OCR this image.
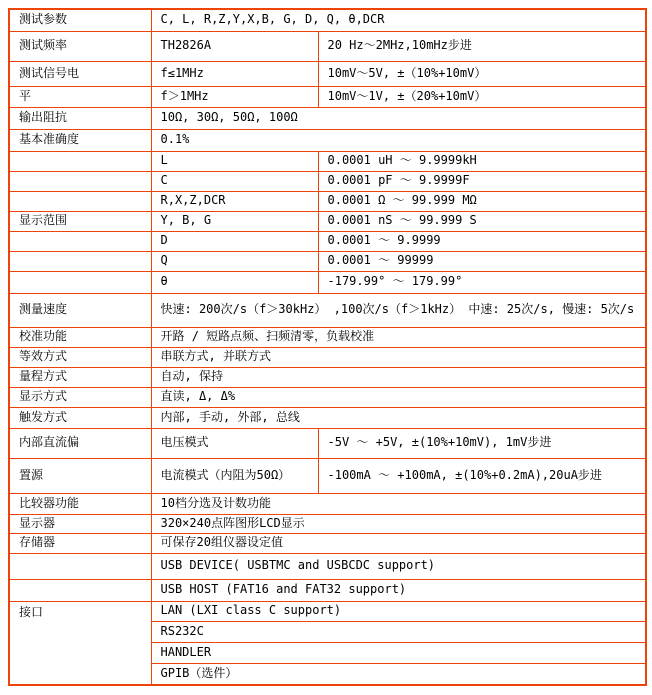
测试参数	C, L, R,Z,Y,X,B, G, D, Q, θ,DCR	
测试频率	TH2826A	20 Hz～2MHz,10mHz步进
测试信号电	f≤1MHz	10mV～5V, ±（10%+10mV）
平	f＞1MHz	10mV～1V, ±（20%+10mV）
输出阻抗	10Ω, 30Ω, 50Ω, 100Ω	
基本准确度	0.1%	
	L	0.0001 uH ～ 9.9999kH
	C	0.0001 pF ～ 9.9999F
	R,X,Z,DCR	0.0001 Ω ～ 99.999 MΩ
显示范围	Y, B, G	0.0001 nS ～ 99.999 S
	D	0.0001 ～ 9.9999
	Q	0.0001 ～ 99999
	θ	-179.99° ～ 179.99°
测量速度	快速: 200次/s（f＞30kHz） ,100次/s（f＞1kHz） 中速: 25次/s, 慢速: 5次/s	
校准功能	开路 / 短路点频、扫频清零，负载校准	
等效方式	串联方式, 并联方式	
量程方式	自动, 保持	
显示方式	直读, Δ, Δ%	
触发方式	内部, 手动, 外部, 总线	
内部直流偏	电压模式	-5V ～ +5V, ±(10%+10mV), 1mV步进
置源	电流模式（内阻为50Ω）	-100mA ～ +100mA, ±(10%+0.2mA),20uA步进
比较器功能	10档分选及计数功能	
显示器	320×240点阵图形LCD显示	
存储器	可保存20组仪器设定值	
	USB DEVICE( USBTMC and USBCDC support)	
	USB HOST (FAT16 and FAT32 support)	
接口	LAN (LXI class C support)	
	RS232C	
	HANDLER	
	GPIB（选件）	
